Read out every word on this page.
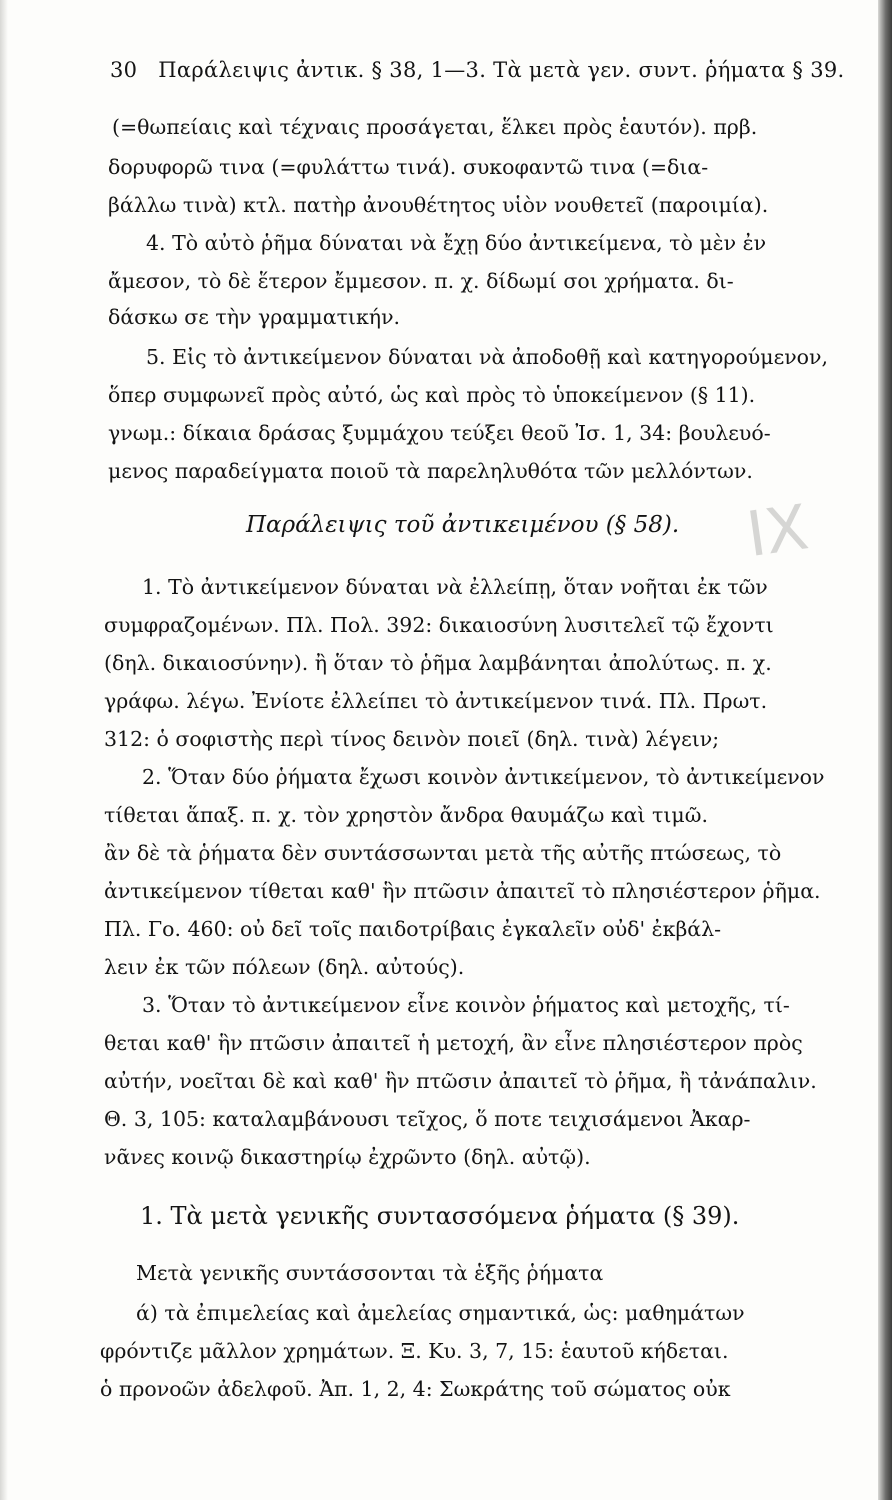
30 Παράλειψις ἀντικ. § 38, 1—3. Τὰ μετὰ γεν. συντ. ῥήματα § 39.
IX
(=θωπείαις καὶ τέχναις προσάγεται, ἕλκει πρὸς ἑαυτόν). πρβ.
δορυφορῶ τινα (=φυλάττω τινά). συκοφαντῶ τινα (=δια-
βάλλω τινὰ) κτλ. πατὴρ ἀνουθέτητος υἱὸν νουθετεῖ (παροιμία).
4. Τὸ αὐτὸ ῥῆμα δύναται νὰ ἔχῃ δύο ἀντικείμενα, τὸ μὲν ἐν
ἄμεσον, τὸ δὲ ἕτερον ἔμμεσον. π. χ. δίδωμί σοι χρήματα. δι-
δάσκω σε τὴν γραμματικήν.
5. Εἰς τὸ ἀντικείμενον δύναται νὰ ἀποδοθῇ καὶ κατηγορούμενον,
ὅπερ συμφωνεῖ πρὸς αὐτό, ὡς καὶ πρὸς τὸ ὑποκείμενον (§ 11).
γνωμ.: δίκαια δράσας ξυμμάχου τεύξει θεοῦ Ἰσ. 1, 34: βουλευό-
μενος παραδείγματα ποιοῦ τὰ παρεληλυθότα τῶν μελλόντων.
Παράλειψις τοῦ ἀντικειμένου (§ 58).
1. Τὸ ἀντικείμενον δύναται νὰ ἐλλείπῃ, ὅταν νοῆται ἐκ τῶν
συμφραζομένων. Πλ. Πολ. 392: δικαιοσύνη λυσιτελεῖ τῷ ἔχοντι
(δηλ. δικαιοσύνην). ἢ ὅταν τὸ ῥῆμα λαμβάνηται ἀπολύτως. π. χ.
γράφω. λέγω. Ἐνίοτε ἐλλείπει τὸ ἀντικείμενον τινά. Πλ. Πρωτ.
312: ὁ σοφιστὴς περὶ τίνος δεινὸν ποιεῖ (δηλ. τινὰ) λέγειν;
2. Ὅταν δύο ῥήματα ἔχωσι κοινὸν ἀντικείμενον, τὸ ἀντικείμενον
τίθεται ἅπαξ. π. χ. τὸν χρηστὸν ἄνδρα θαυμάζω καὶ τιμῶ.
ἂν δὲ τὰ ῥήματα δὲν συντάσσωνται μετὰ τῆς αὐτῆς πτώσεως, τὸ
ἀντικείμενον τίθεται καθ' ἣν πτῶσιν ἀπαιτεῖ τὸ πλησιέστερον ῥῆμα.
Πλ. Γο. 460: οὐ δεῖ τοῖς παιδοτρίβαις ἐγκαλεῖν οὐδ' ἐκβάλ-
λειν ἐκ τῶν πόλεων (δηλ. αὐτούς).
3. Ὅταν τὸ ἀντικείμενον εἶνε κοινὸν ῥήματος καὶ μετοχῆς, τί-
θεται καθ' ἣν πτῶσιν ἀπαιτεῖ ἡ μετοχή, ἂν εἶνε πλησιέστερον πρὸς
αὐτήν, νοεῖται δὲ καὶ καθ' ἣν πτῶσιν ἀπαιτεῖ τὸ ῥῆμα, ἢ τἀνάπαλιν.
Θ. 3, 105: καταλαμβάνουσι τεῖχος, ὅ ποτε τειχισάμενοι Ἀκαρ-
νᾶνες κοινῷ δικαστηρίῳ ἐχρῶντο (δηλ. αὐτῷ).
1. Τὰ μετὰ γενικῆς συντασσόμενα ῥήματα (§ 39).
Μετὰ γενικῆς συντάσσονται τὰ ἑξῆς ῥήματα
ά) τὰ ἐπιμελείας καὶ ἀμελείας σημαντικά, ὡς: μαθημάτων
φρόντιζε μᾶλλον χρημάτων. Ξ. Κυ. 3, 7, 15: ἑαυτοῦ κήδεται.
ὁ προνοῶν ἀδελφοῦ. Ἀπ. 1, 2, 4: Σωκράτης τοῦ σώματος οὐκ
